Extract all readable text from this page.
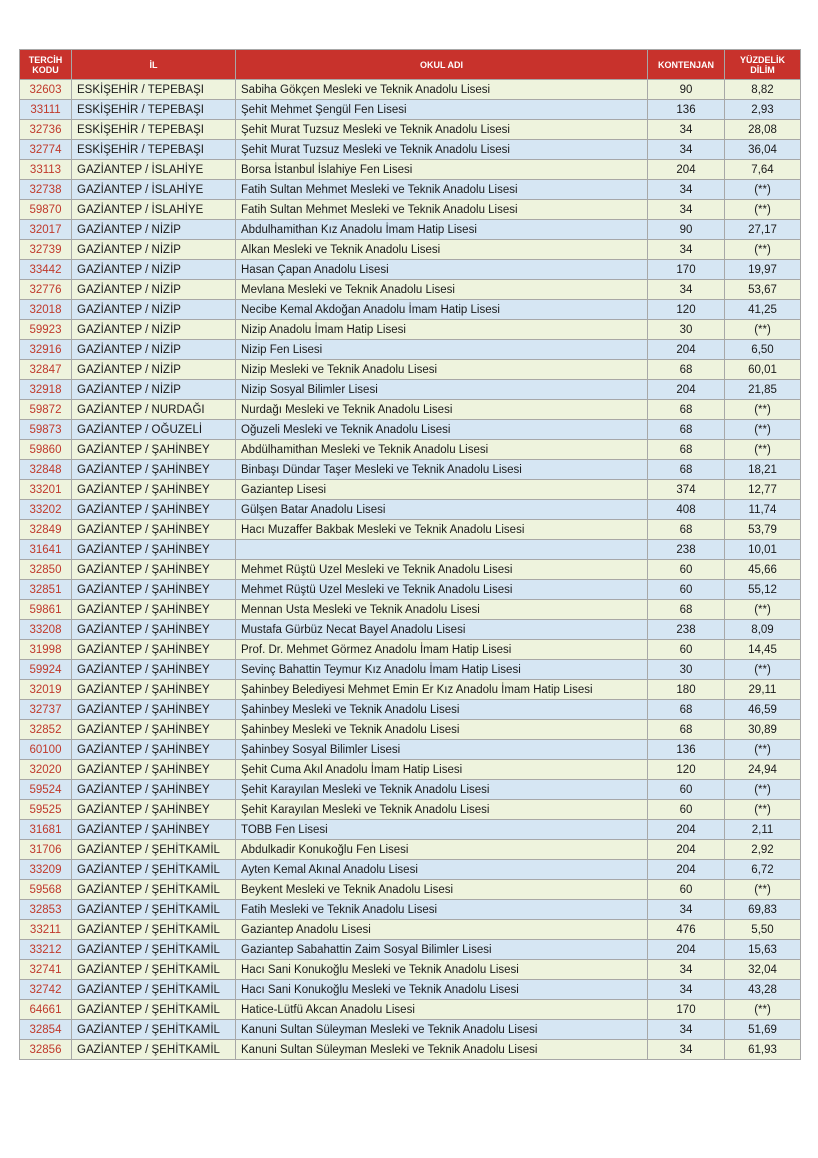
TERCİH KODU	İL	OKUL ADI	KONTENJAN	YÜZDELİK DİLİM
32603	ESKİŞEHİR / TEPEBAŞI	Sabiha Gökçen Mesleki ve Teknik Anadolu Lisesi	90	8,82
33111	ESKİŞEHİR / TEPEBAŞI	Şehit Mehmet Şengül Fen Lisesi	136	2,93
32736	ESKİŞEHİR / TEPEBAŞI	Şehit Murat Tuzsuz Mesleki ve Teknik Anadolu Lisesi	34	28,08
32774	ESKİŞEHİR / TEPEBAŞI	Şehit Murat Tuzsuz Mesleki ve Teknik Anadolu Lisesi	34	36,04
33113	GAZİANTEP / İSLAHİYE	Borsa İstanbul İslahiye Fen Lisesi	204	7,64
32738	GAZİANTEP / İSLAHİYE	Fatih Sultan Mehmet Mesleki ve Teknik Anadolu Lisesi	34	(**)
59870	GAZİANTEP / İSLAHİYE	Fatih Sultan Mehmet Mesleki ve Teknik Anadolu Lisesi	34	(**)
32017	GAZİANTEP / NİZİP	Abdulhamithan Kız Anadolu İmam Hatip Lisesi	90	27,17
32739	GAZİANTEP / NİZİP	Alkan Mesleki ve Teknik Anadolu Lisesi	34	(**)
33442	GAZİANTEP / NİZİP	Hasan Çapan Anadolu Lisesi	170	19,97
32776	GAZİANTEP / NİZİP	Mevlana Mesleki ve Teknik Anadolu Lisesi	34	53,67
32018	GAZİANTEP / NİZİP	Necibe Kemal Akdoğan Anadolu İmam Hatip Lisesi	120	41,25
59923	GAZİANTEP / NİZİP	Nizip Anadolu İmam Hatip Lisesi	30	(**)
32916	GAZİANTEP / NİZİP	Nizip Fen Lisesi	204	6,50
32847	GAZİANTEP / NİZİP	Nizip Mesleki ve Teknik Anadolu Lisesi	68	60,01
32918	GAZİANTEP / NİZİP	Nizip Sosyal Bilimler Lisesi	204	21,85
59872	GAZİANTEP / NURDAĞI	Nurdağı Mesleki ve Teknik Anadolu Lisesi	68	(**)
59873	GAZİANTEP / OĞUZELİ	Oğuzeli Mesleki ve Teknik Anadolu Lisesi	68	(**)
59860	GAZİANTEP / ŞAHİNBEY	Abdülhamithan Mesleki ve Teknik Anadolu Lisesi	68	(**)
32848	GAZİANTEP / ŞAHİNBEY	Binbaşı Dündar Taşer Mesleki ve Teknik Anadolu Lisesi	68	18,21
33201	GAZİANTEP / ŞAHİNBEY	Gaziantep Lisesi	374	12,77
33202	GAZİANTEP / ŞAHİNBEY	Gülşen Batar Anadolu Lisesi	408	11,74
32849	GAZİANTEP / ŞAHİNBEY	Hacı Muzaffer Bakbak Mesleki ve Teknik Anadolu Lisesi	68	53,79
31641	GAZİANTEP / ŞAHİNBEY		238	10,01
32850	GAZİANTEP / ŞAHİNBEY	Mehmet Rüştü Uzel Mesleki ve Teknik Anadolu Lisesi	60	45,66
32851	GAZİANTEP / ŞAHİNBEY	Mehmet Rüştü Uzel Mesleki ve Teknik Anadolu Lisesi	60	55,12
59861	GAZİANTEP / ŞAHİNBEY	Mennan Usta Mesleki ve Teknik Anadolu Lisesi	68	(**)
33208	GAZİANTEP / ŞAHİNBEY	Mustafa Gürbüz Necat Bayel Anadolu Lisesi	238	8,09
31998	GAZİANTEP / ŞAHİNBEY	Prof. Dr. Mehmet Görmez Anadolu İmam Hatip Lisesi	60	14,45
59924	GAZİANTEP / ŞAHİNBEY	Sevinç Bahattin Teymur Kız Anadolu İmam Hatip Lisesi	30	(**)
32019	GAZİANTEP / ŞAHİNBEY	Şahinbey Belediyesi Mehmet Emin Er Kız Anadolu İmam Hatip Lisesi	180	29,11
32737	GAZİANTEP / ŞAHİNBEY	Şahinbey Mesleki ve Teknik Anadolu Lisesi	68	46,59
32852	GAZİANTEP / ŞAHİNBEY	Şahinbey Mesleki ve Teknik Anadolu Lisesi	68	30,89
60100	GAZİANTEP / ŞAHİNBEY	Şahinbey Sosyal Bilimler Lisesi	136	(**)
32020	GAZİANTEP / ŞAHİNBEY	Şehit Cuma Akıl Anadolu İmam Hatip Lisesi	120	24,94
59524	GAZİANTEP / ŞAHİNBEY	Şehit Karayılan Mesleki ve Teknik Anadolu Lisesi	60	(**)
59525	GAZİANTEP / ŞAHİNBEY	Şehit Karayılan Mesleki ve Teknik Anadolu Lisesi	60	(**)
31681	GAZİANTEP / ŞAHİNBEY	TOBB Fen Lisesi	204	2,11
31706	GAZİANTEP / ŞEHİTKAMİL	Abdulkadir Konukoğlu Fen Lisesi	204	2,92
33209	GAZİANTEP / ŞEHİTKAMİL	Ayten Kemal Akınal Anadolu Lisesi	204	6,72
59568	GAZİANTEP / ŞEHİTKAMİL	Beykent Mesleki ve Teknik Anadolu Lisesi	60	(**)
32853	GAZİANTEP / ŞEHİTKAMİL	Fatih Mesleki ve Teknik Anadolu Lisesi	34	69,83
33211	GAZİANTEP / ŞEHİTKAMİL	Gaziantep Anadolu Lisesi	476	5,50
33212	GAZİANTEP / ŞEHİTKAMİL	Gaziantep Sabahattin Zaim Sosyal Bilimler Lisesi	204	15,63
32741	GAZİANTEP / ŞEHİTKAMİL	Hacı Sani Konukoğlu Mesleki ve Teknik Anadolu Lisesi	34	32,04
32742	GAZİANTEP / ŞEHİTKAMİL	Hacı Sani Konukoğlu Mesleki ve Teknik Anadolu Lisesi	34	43,28
64661	GAZİANTEP / ŞEHİTKAMİL	Hatice-Lütfü Akcan Anadolu Lisesi	170	(**)
32854	GAZİANTEP / ŞEHİTKAMİL	Kanuni Sultan Süleyman Mesleki ve Teknik Anadolu Lisesi	34	51,69
32856	GAZİANTEP / ŞEHİTKAMİL	Kanuni Sultan Süleyman Mesleki ve Teknik Anadolu Lisesi	34	61,93
